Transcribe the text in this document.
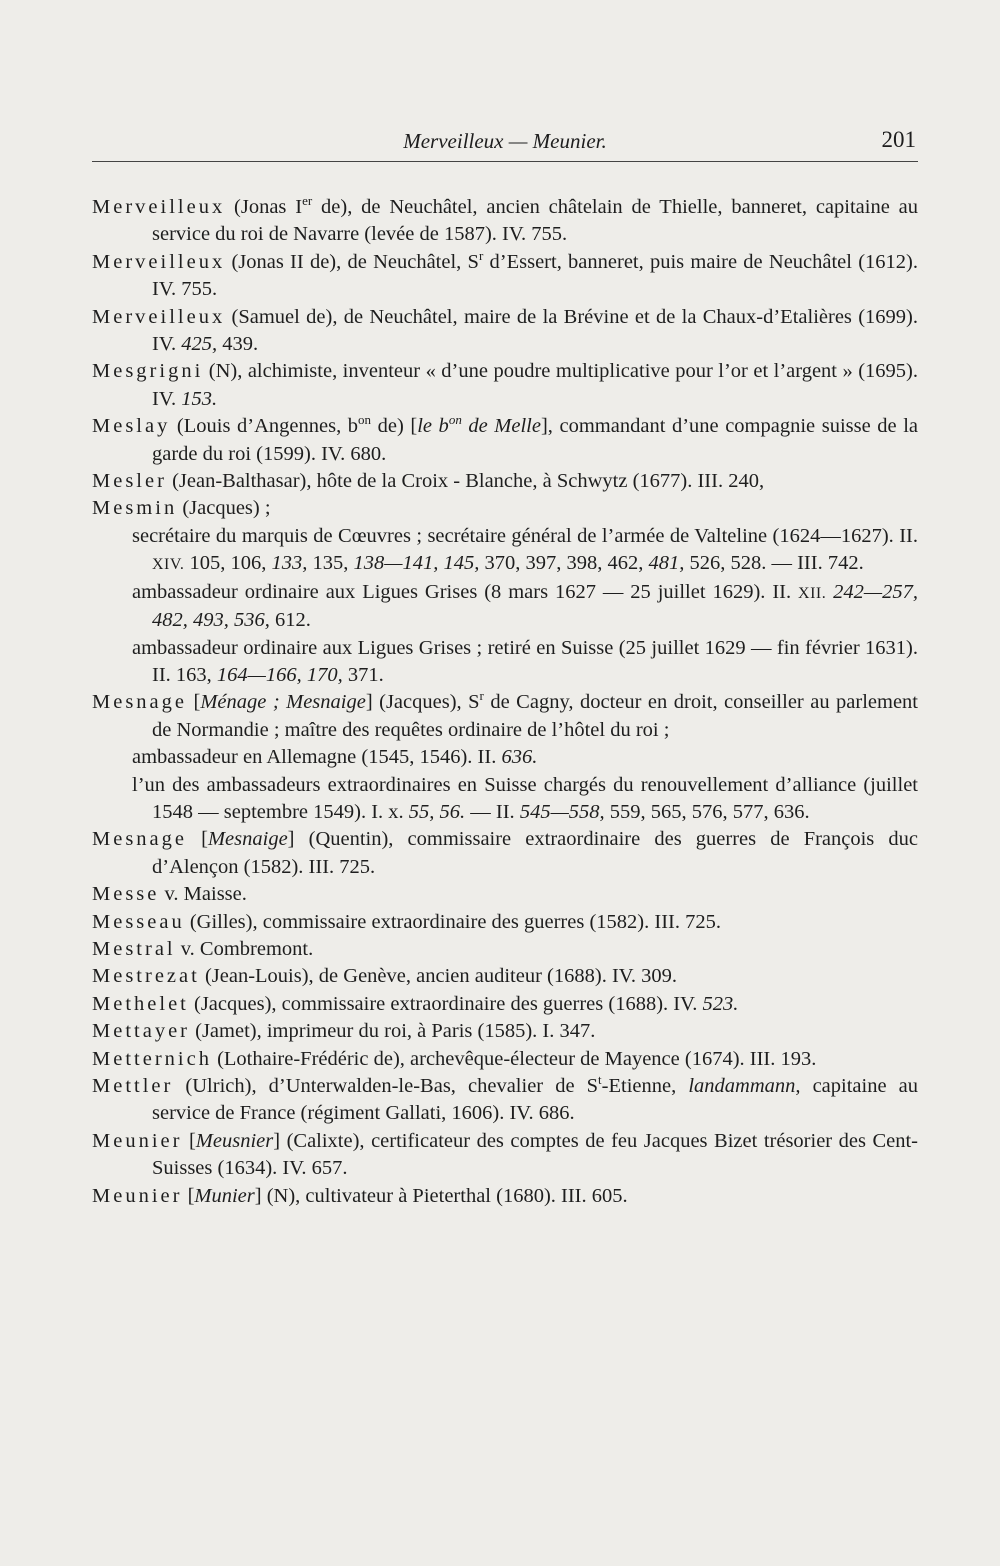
Merveilleux — Meunier.	201

Merveilleux (Jonas Ier de), de Neuchâtel, ancien châtelain de Thielle, banneret, capitaine au service du roi de Navarre (levée de 1587). IV. 755.

Merveilleux (Jonas II de), de Neuchâtel, $S^r$ d’Essert, banneret, puis maire de Neuchâtel (1612). IV. 755.

Merveilleux (Samuel de), de Neuchâtel, maire de la Brévine et de la Chaux-d’Etalières (1699). IV. 425, 439.

Mesgrigni (N), alchimiste, inventeur « d’une poudre multiplicative pour l’or et l’argent » (1695). IV. 153.

Meslay (Louis d’Angennes, $b^{on}$ de) [le $b^{on}$ de Melle], commandant d’une compagnie suisse de la garde du roi (1599). IV. 680.

Mesler (Jean-Balthasar), hôte de la Croix - Blanche, à Schwytz (1677). III. 240,

Mesmin (Jacques) ;

secrétaire du marquis de Cœuvres ; secrétaire général de l’armée de Valteline (1624—1627). II. XIV. 105, 106, 133, 135, 138—141, 145, 370, 397, 398, 462, 481, 526, 528. — III. 742.

ambassadeur ordinaire aux Ligues Grises (8 mars 1627 — 25 juillet 1629). II. XII. 242—257, 482, 493, 536, 612.

ambassadeur ordinaire aux Ligues Grises ; retiré en Suisse (25 juillet 1629 — fin février 1631). II. 163, 164—166, 170, 371.

Mesnage [Ménage ; Mesnaige] (Jacques), $S^r$ de Cagny, docteur en droit, conseiller au parlement de Normandie ; maître des requêtes ordinaire de l’hôtel du roi ;

ambassadeur en Allemagne (1545, 1546). II. 636.

l’un des ambassadeurs extraordinaires en Suisse chargés du renouvellement d’alliance (juillet 1548 — septembre 1549). I. x. 55, 56. — II. 545—558, 559, 565, 576, 577, 636.

Mesnage [Mesnaige] (Quentin), commissaire extraordinaire des guerres de François duc d’Alençon (1582). III. 725.

Messe v. Maisse.

Messeau (Gilles), commissaire extraordinaire des guerres (1582). III. 725.

Mestral v. Combremont.

Mestrezat (Jean-Louis), de Genève, ancien auditeur (1688). IV. 309.

Methelet (Jacques), commissaire extraordinaire des guerres (1688). IV. 523.

Mettayer (Jamet), imprimeur du roi, à Paris (1585). I. 347.

Metternich (Lothaire-Frédéric de), archevêque-électeur de Mayence (1674). III. 193.

Mettler (Ulrich), d’Unterwalden-le-Bas, chevalier de $S^t$-Etienne, landammann, capitaine au service de France (régiment Gallati, 1606). IV. 686.

Meunier [Meusnier] (Calixte), certificateur des comptes de feu Jacques Bizet trésorier des Cent-Suisses (1634). IV. 657.

Meunier [Munier] (N), cultivateur à Pieterthal (1680). III. 605.
